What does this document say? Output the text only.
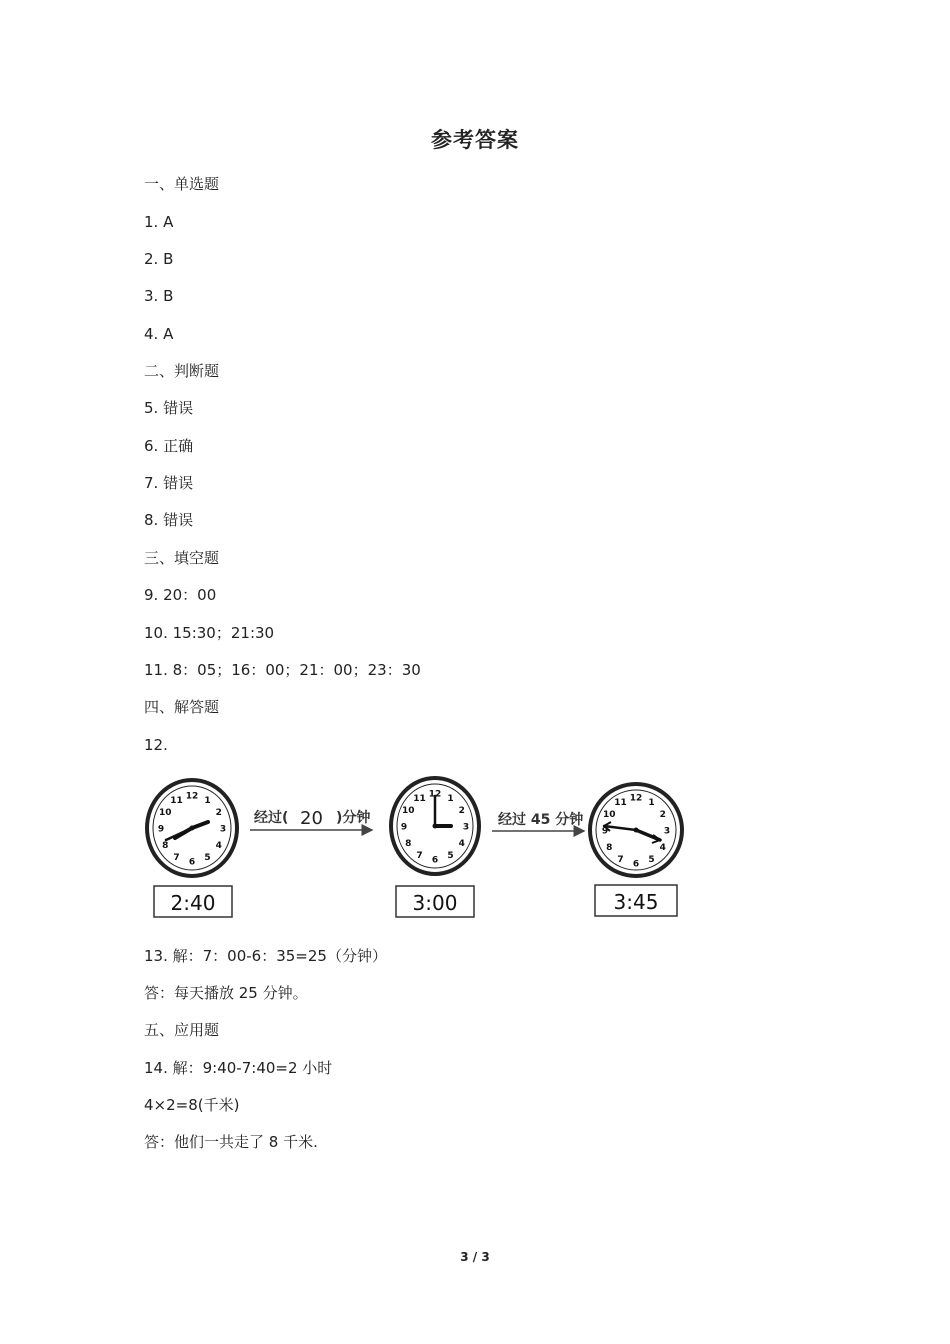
参考答案
一、单选题
1. A
2. B
3. B
4. A
二、判断题
5. 错误
6. 正确
7. 错误
8. 错误
三、填空题
9. 20：00
10. 15:30；21:30
11. 8：05；16：00；21：00；23：30
四、解答题
12.
12 1
2
3
4
5
6
7
8
9
10
11
经过( 20 )分钟
12 1
2
3
4
5
6
7
8
9
10
11
经过 45 分钟
12 1
2
3
4
5
6
7
8
9
10
11
2:40	3:00	3:45
13. 解：7：00-6：35=25（分钟）
答：每天播放 25 分钟。
五、应用题
14. 解：9:40-7:40=2 小时
4×2=8(千米)
答：他们一共走了 8 千米.
3 / 3
